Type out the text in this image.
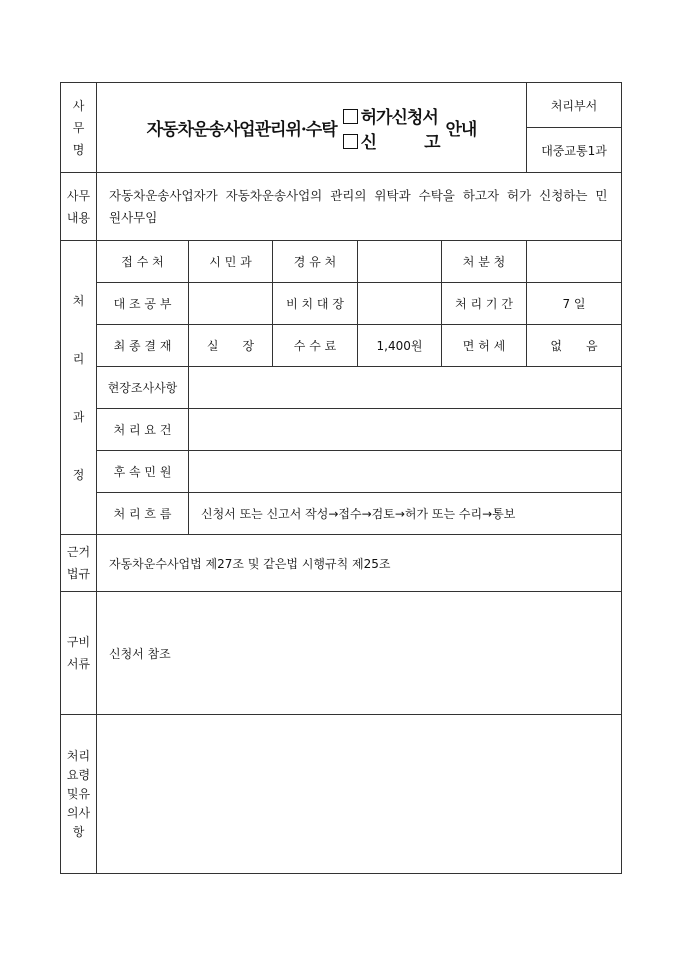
사무명	자동차운송사업관리위·수탁
허가신청서
신 고
안내					처리부서
						대중교통1과
사무내용	자동차운송사업자가 자동차운송사업의 관리의 위탁과 수탁을 하고자 허가 신청하는 민원사무임					
처리과정	접 수 처	시 민 과	경 유 처		처 분 청	
	대 조 공 부		비 치 대 장		처 리 기 간	7 일
	최 종 결 재	실　　장	수 수 료	1,400원	면 허 세	없　　음
	현장조사사항					
	처 리 요 건					
	후 속 민 원					
	처 리 흐 름	신청서 또는 신고서 작성→접수→검토→허가 또는 수리→통보				
근거법규	자동차운수사업법 제27조 및 같은법 시행규칙 제25조					
구비서류	신청서 참조					
처리요령및유의사항						
